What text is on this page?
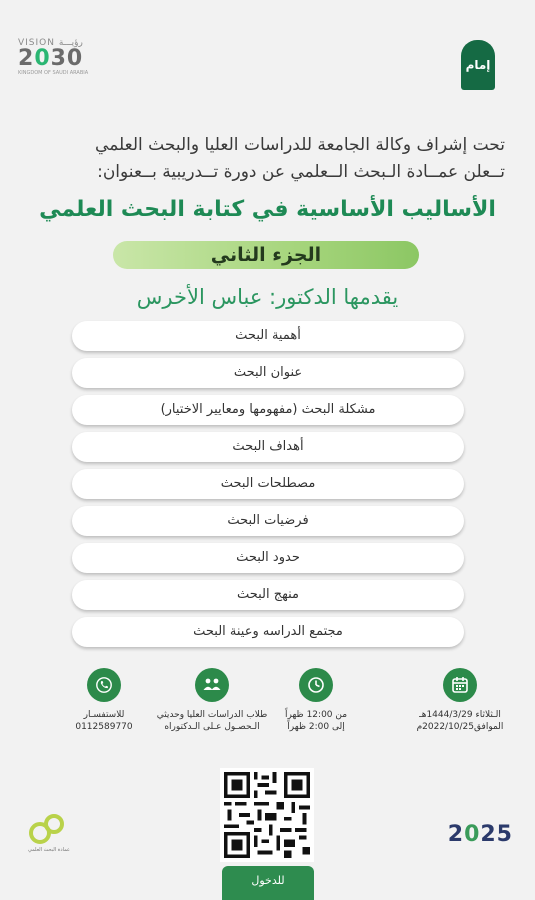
VISION رؤيـــة
2030
KINGDOM OF SAUDI ARABIA
إمام
تحت إشراف وكالة الجامعة للدراسات العليا والبحث العلمي
تــعلن عمــادة الـبحث الــعلمي عن دورة تــدريبية بــعنوان:
الأساليب الأساسية في كتابة البحث العلمي
الجزء الثاني
يقدمها الدكتور: عباس الأخرس
أهمية البحث
عنوان البحث
مشكلة البحث (مفهومها ومعايير الاختيار)
أهداف البحث
مصطلحات البحث
فرضيات البحث
حدود البحث
منهج البحث
مجتمع الدراسه وعينة البحث
الـثلاثاء 1444/3/29هـ
الموافق2022/10/25م
من 12:00 ظهراً
إلى 2:00 ظهراً
طلاب الدراسات العليا وحديثي
الـحصـول عـلى الـدكتوراه
للاستفسـار
0112589770
للدخول
عمادة البحث العلمي
2025
